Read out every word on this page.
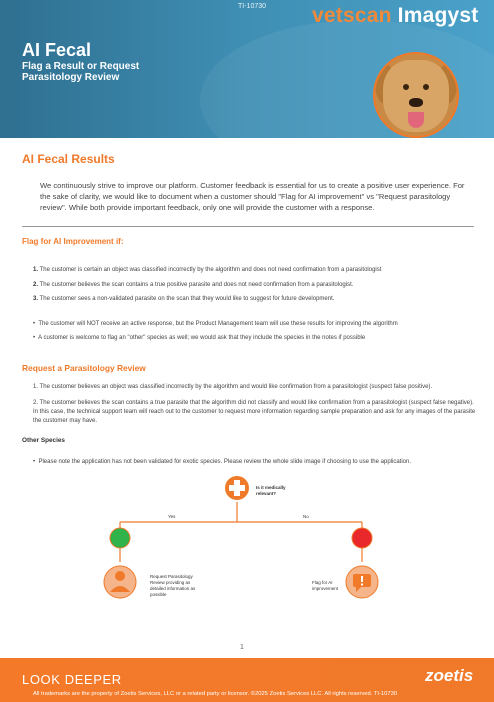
TI-10730 vetscan Imagyst
AI Fecal
Flag a Result or Request Parasitology Review
AI Fecal Results
We continuously strive to improve our platform. Customer feedback is essential for us to create a positive user experience. For the sake of clarity, we would like to document when a customer should "Flag for AI improvement" vs "Request parasitology review". While both provide important feedback, only one will provide the customer with a response.
Flag for AI Improvement if:
1. The customer is certain an object was classified incorrectly by the algorithm and does not need confirmation from a parasitologist
2. The customer believes the scan contains a true positive parasite and does not need confirmation from a parasitologist.
3. The customer sees a non-validated parasite on the scan that they would like to suggest for future development.
•  The customer will NOT receive an active response, but the Product Management team will use these results for improving the algorithm
•  A customer is welcome to flag an "other" species as well; we would ask that they include the species in the notes if possible
Request a Parasitology Review
1. The customer believes an object was classified incorrectly by the algorithm and would like confirmation from a parasitologist (suspect false positive).
2. The customer believes the scan contains a true parasite that the algorithm did not classify and would like confirmation from a parasitologist (suspect false negative). In this case, the technical support team will reach out to the customer to request more information regarding sample preparation and ask for any images of the parasite the customer may have.
Other Species
•  Please note the application has not been validated for exotic species. Please review the whole slide image if choosing to use the application.
Is it medically relevant?
Yes	No
Request Parasitology Review providing as detailed information as possible
Flag for AI improvement
1
LOOK DEEPER	zoetis
All trademarks are the property of Zoetis Services, LLC or a related party or licensor. ©2025 Zoetis Services LLC. All rights reserved. TI-10730
